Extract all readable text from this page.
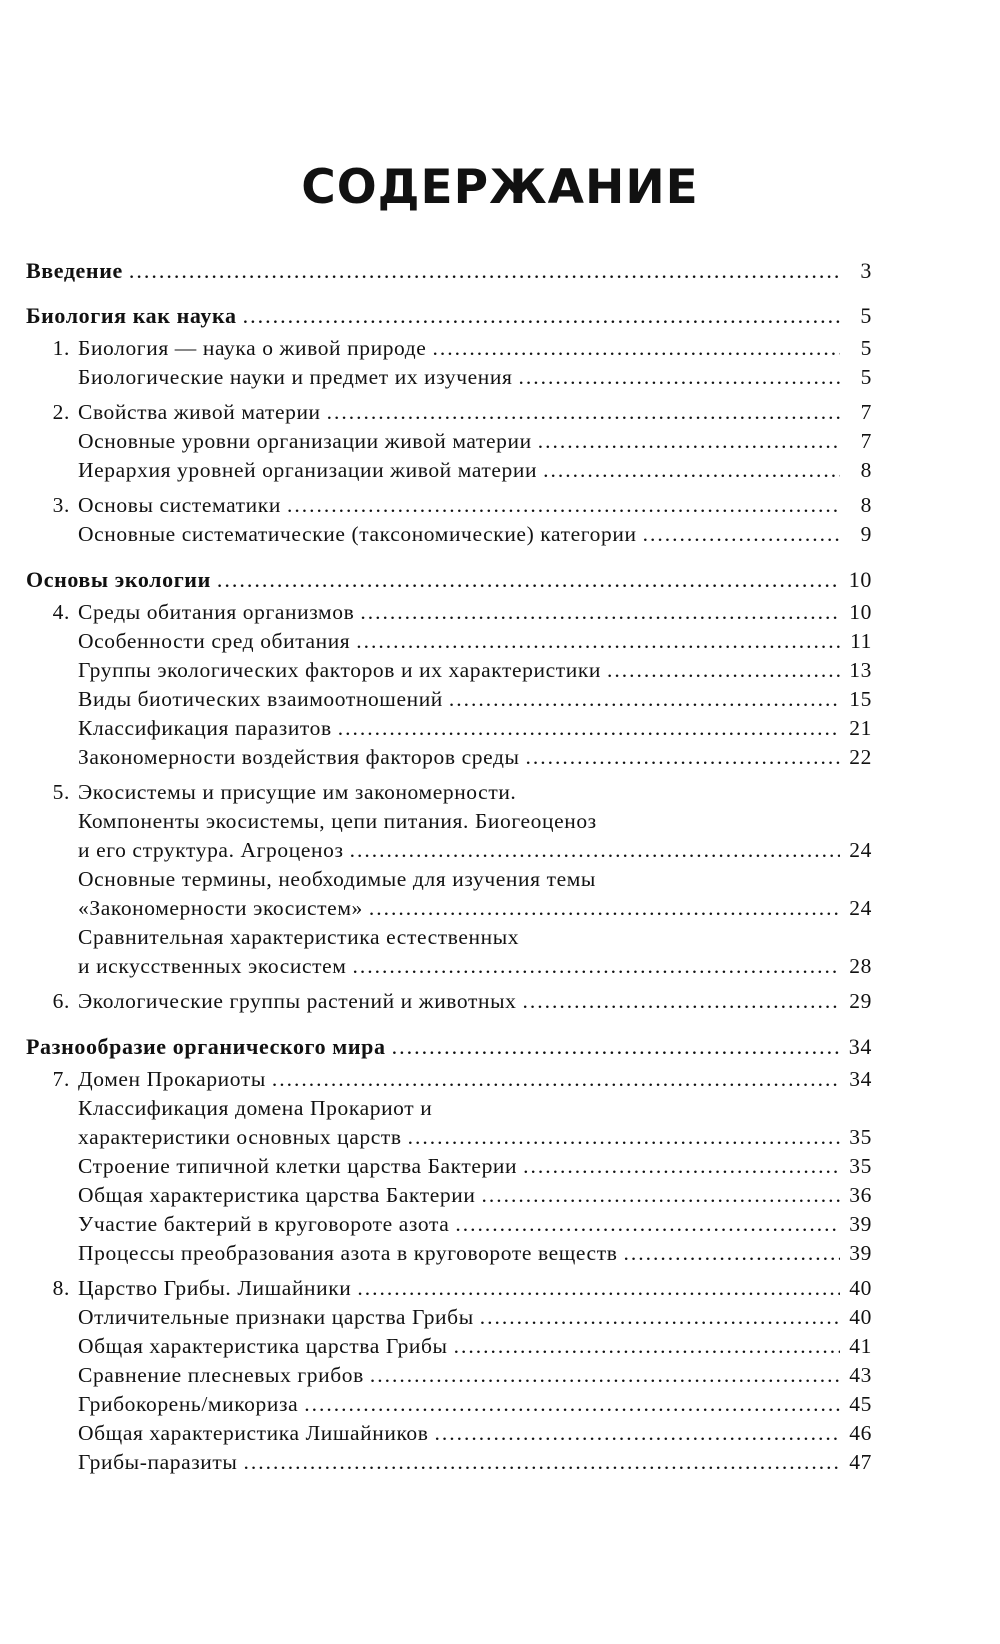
СОДЕРЖАНИЕ
Введение .....	3
Биология как наука .....	5
1. Биология — наука о живой природе .....	5
Биологические науки и предмет их изучения .....	5
2. Свойства живой материи .....	7
Основные уровни организации живой материи .....	7
Иерархия уровней организации живой материи .....	8
3. Основы систематики .....	8
Основные систематические (таксономические) категории .....	9
Основы экологии .....	10
4. Среды обитания организмов .....	10
Особенности сред обитания .....	11
Группы экологических факторов и их характеристики .....	13
Виды биотических взаимоотношений .....	15
Классификация паразитов .....	21
Закономерности воздействия факторов среды .....	22
5. Экосистемы и присущие им закономерности.
Компоненты экосистемы, цепи питания. Биогеоценоз
и его структура. Агроценоз .....	24
Основные термины, необходимые для изучения темы
«Закономерности экосистем» .....	24
Сравнительная характеристика естественных
и искусственных экосистем .....	28
6. Экологические группы растений и животных .....	29
Разнообразие органического мира .....	34
7. Домен Прокариоты .....	34
Классификация домена Прокариот и
характеристики основных царств .....	35
Строение типичной клетки царства Бактерии .....	35
Общая характеристика царства Бактерии .....	36
Участие бактерий в круговороте азота .....	39
Процессы преобразования азота в круговороте веществ .....	39
8. Царство Грибы. Лишайники .....	40
Отличительные признаки царства Грибы .....	40
Общая характеристика царства Грибы .....	41
Сравнение плесневых грибов .....	43
Грибокорень/микориза .....	45
Общая характеристика Лишайников .....	46
Грибы-паразиты .....	47
